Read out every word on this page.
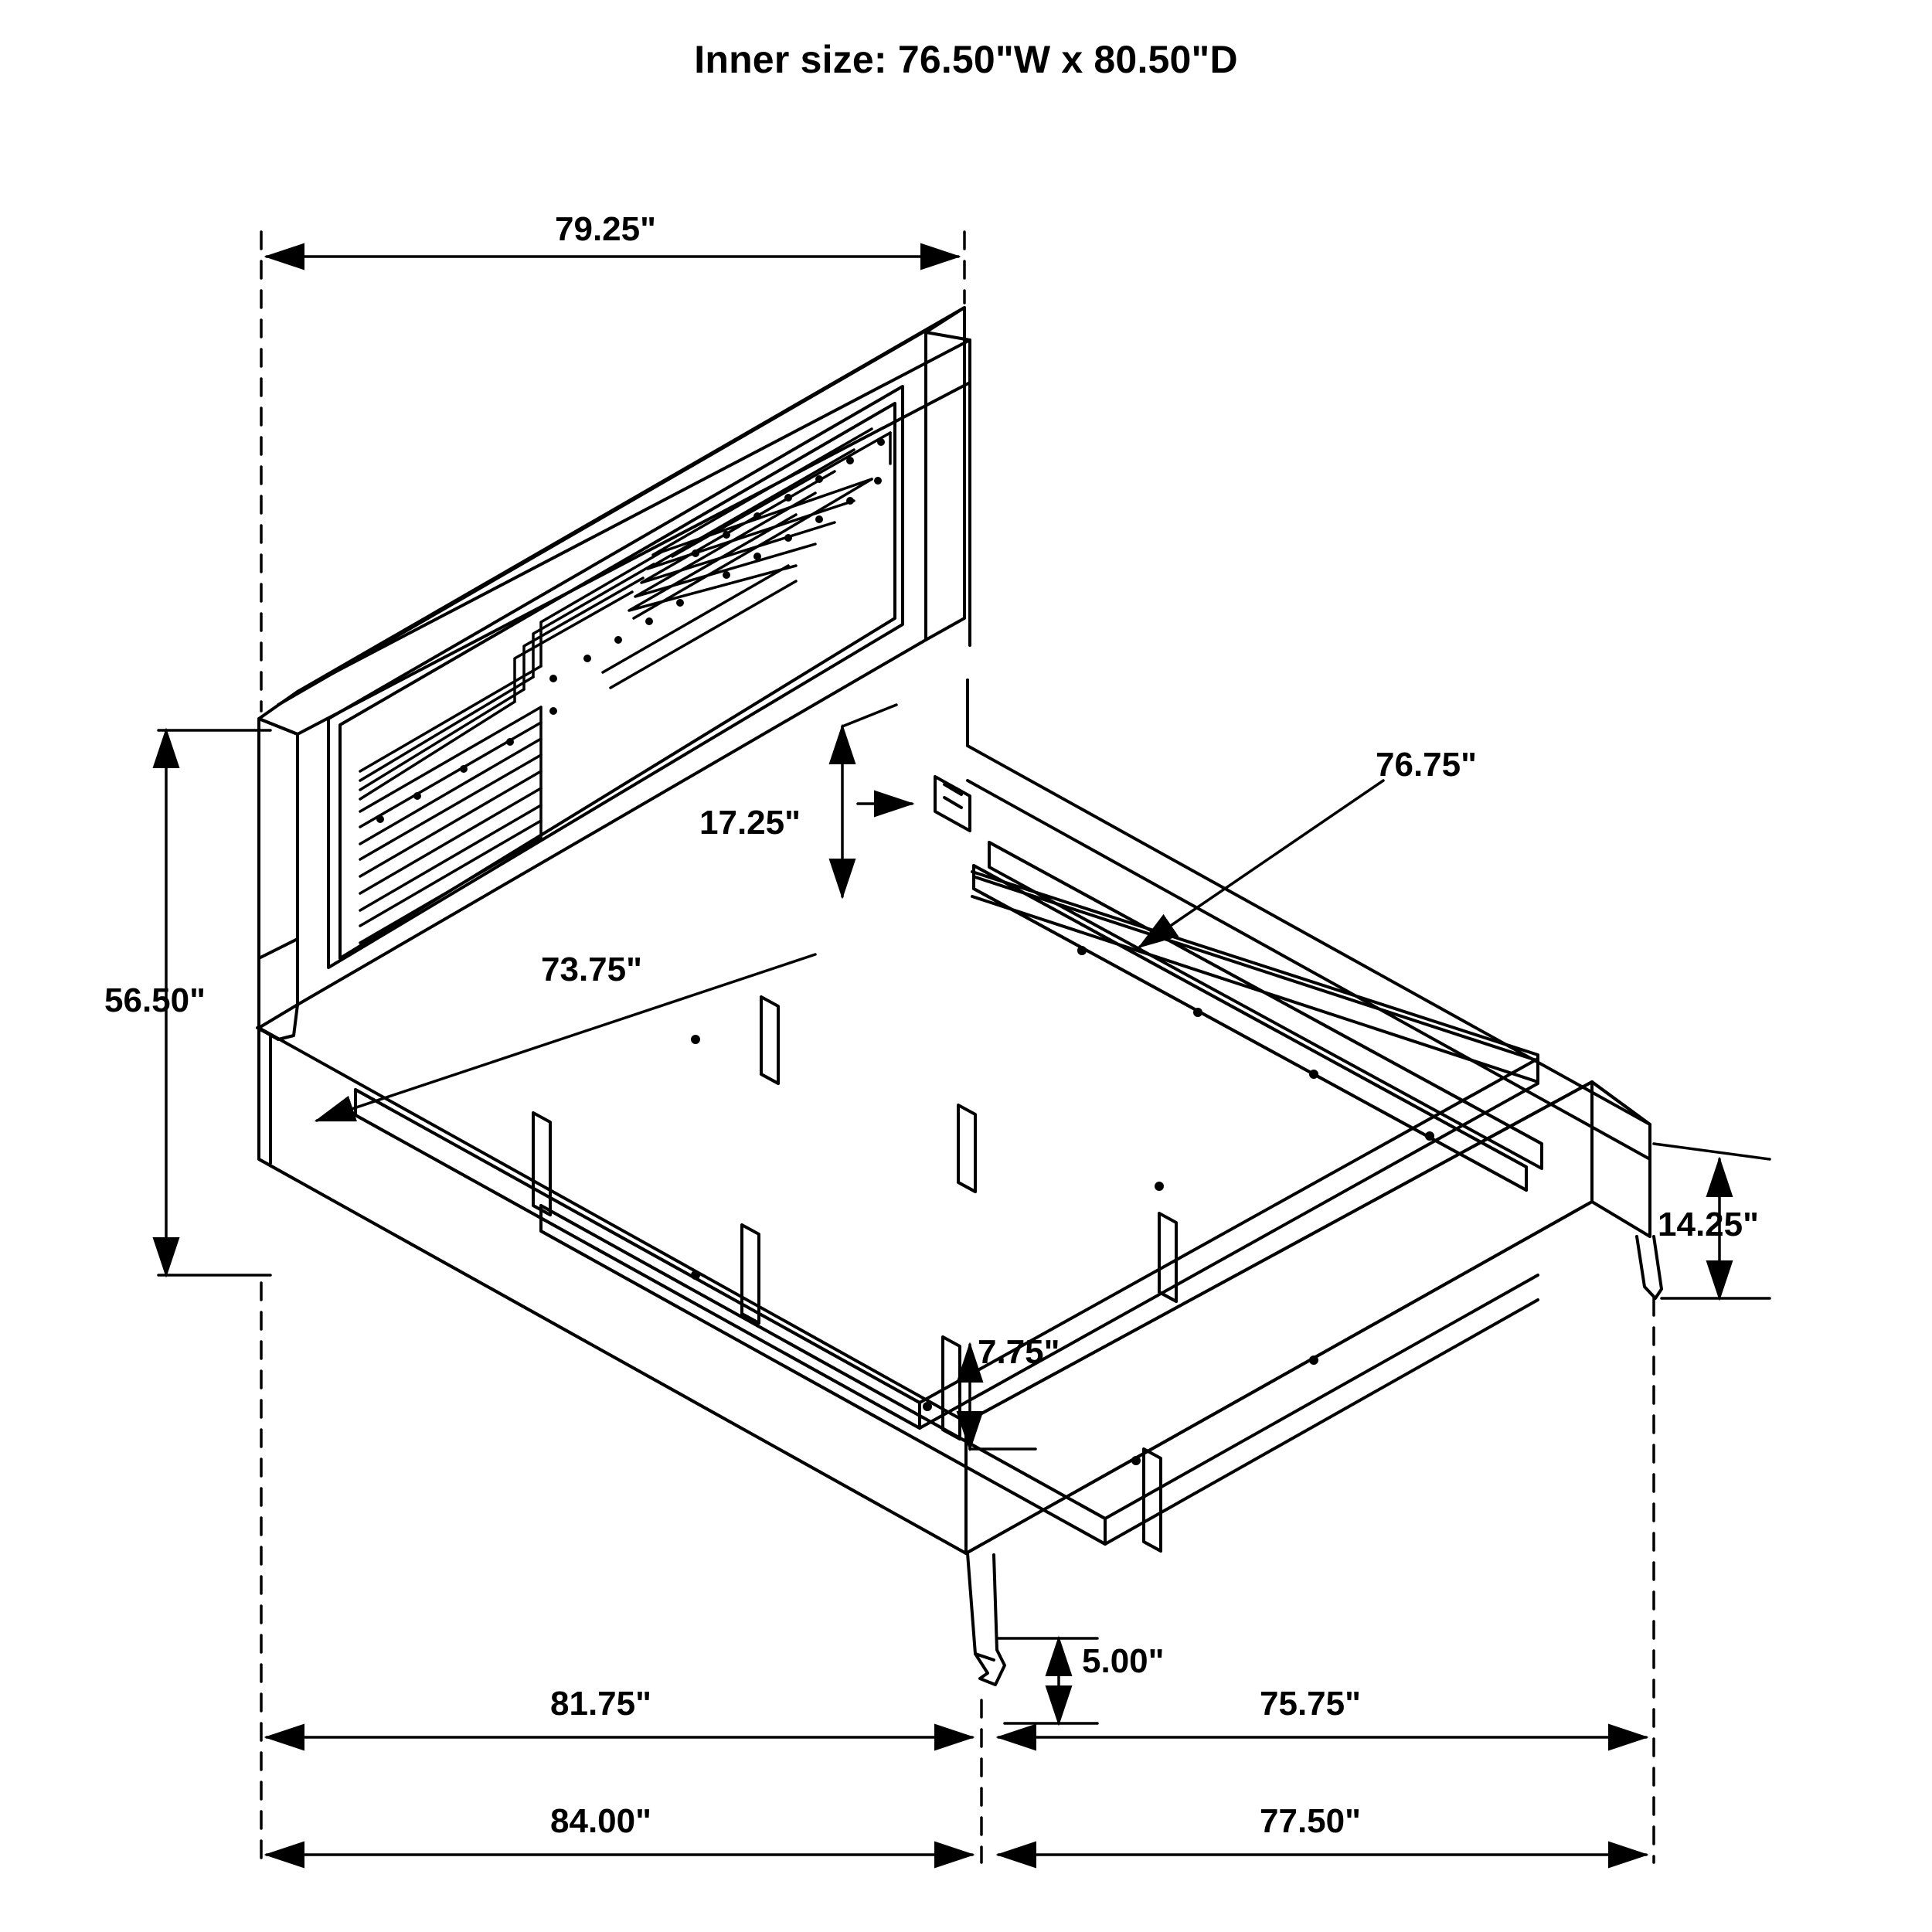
Inner size: 76.50"W x 80.50"D
79.25"
56.50"
17.25"
73.75"
76.75"
14.25"
7.75"
5.00"
81.75"	75.75"
84.00"	77.50"
